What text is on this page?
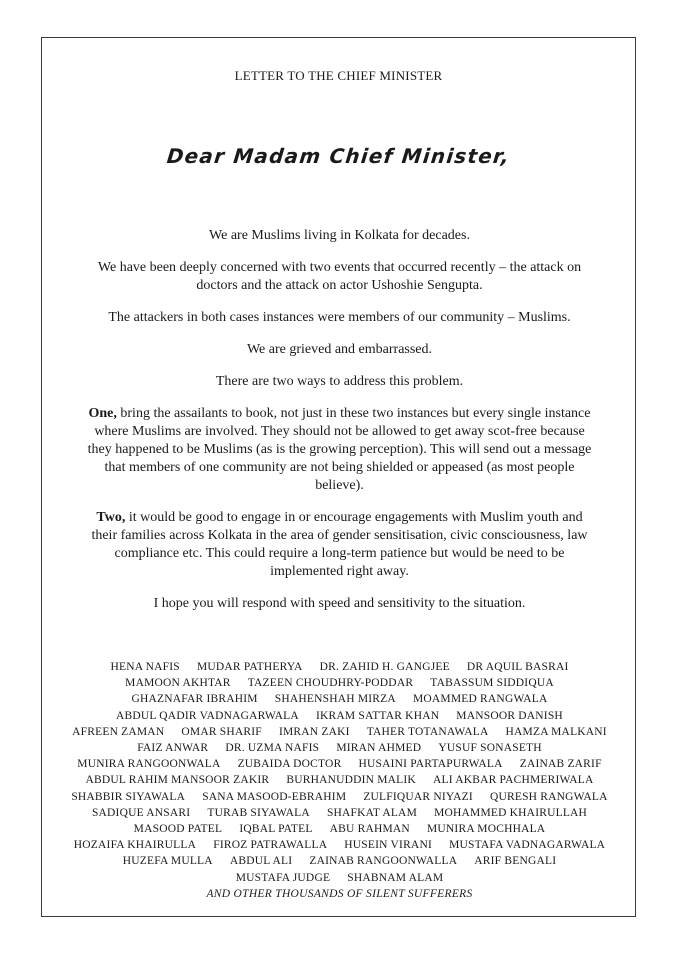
LETTER TO THE CHIEF MINISTER
Dear Madam Chief Minister,

We are Muslims living in Kolkata for decades.

We have been deeply concerned with two events that occurred recently – the attack on doctors and the attack on actor Ushoshie Sengupta.

The attackers in both cases instances were members of our community – Muslims.

We are grieved and embarrassed.

There are two ways to address this problem.

One, bring the assailants to book, not just in these two instances but every single instance where Muslims are involved. They should not be allowed to get away scot-free because they happened to be Muslims (as is the growing perception). This will send out a message that members of one community are not being shielded or appeased (as most people believe).

Two, it would be good to engage in or encourage engagements with Muslim youth and their families across Kolkata in the area of gender sensitisation, civic consciousness, law compliance etc. This could require a long-term patience but would be need to be implemented right away.

I hope you will respond with speed and sensitivity to the situation.

HENA NAFIS MUDAR PATHERYA DR. ZAHID H. GANGJEE DR AQUIL BASRAI MAMOON AKHTAR TAZEEN CHOUDHRY-PODDAR TABASSUM SIDDIQUA GHAZNAFAR IBRAHIM SHAHENSHAH MIRZA MOAMMED RANGWALA ABDUL QADIR VADNAGARWALA IKRAM SATTAR KHAN MANSOOR DANISH AFREEN ZAMAN OMAR SHARIF IMRAN ZAKI TAHER TOTANAWALA HAMZA MALKANI FAIZ ANWAR DR. UZMA NAFIS MIRAN AHMED YUSUF SONASETH MUNIRA RANGOONWALA ZUBAIDA DOCTOR HUSAINI PARTAPURWALA ZAINAB ZARIF ABDUL RAHIM MANSOOR ZAKIR BURHANUDDIN MALIK ALI AKBAR PACHMERIWALA SHABBIR SIYAWALA SANA MASOOD-EBRAHIM ZULFIQUAR NIYAZI QURESH RANGWALA SADIQUE ANSARI TURAB SIYAWALA SHAFKAT ALAM MOHAMMED KHAIRULLAH MASOOD PATEL IQBAL PATEL ABU RAHMAN MUNIRA MOCHHALA HOZAIFA KHAIRULLA FIROZ PATRAWALLA HUSEIN VIRANI MUSTAFA VADNAGARWALA HUZEFA MULLA ABDUL ALI ZAINAB RANGOONWALLA ARIF BENGALI MUSTAFA JUDGE SHABNAM ALAM
AND OTHER THOUSANDS OF SILENT SUFFERERS
